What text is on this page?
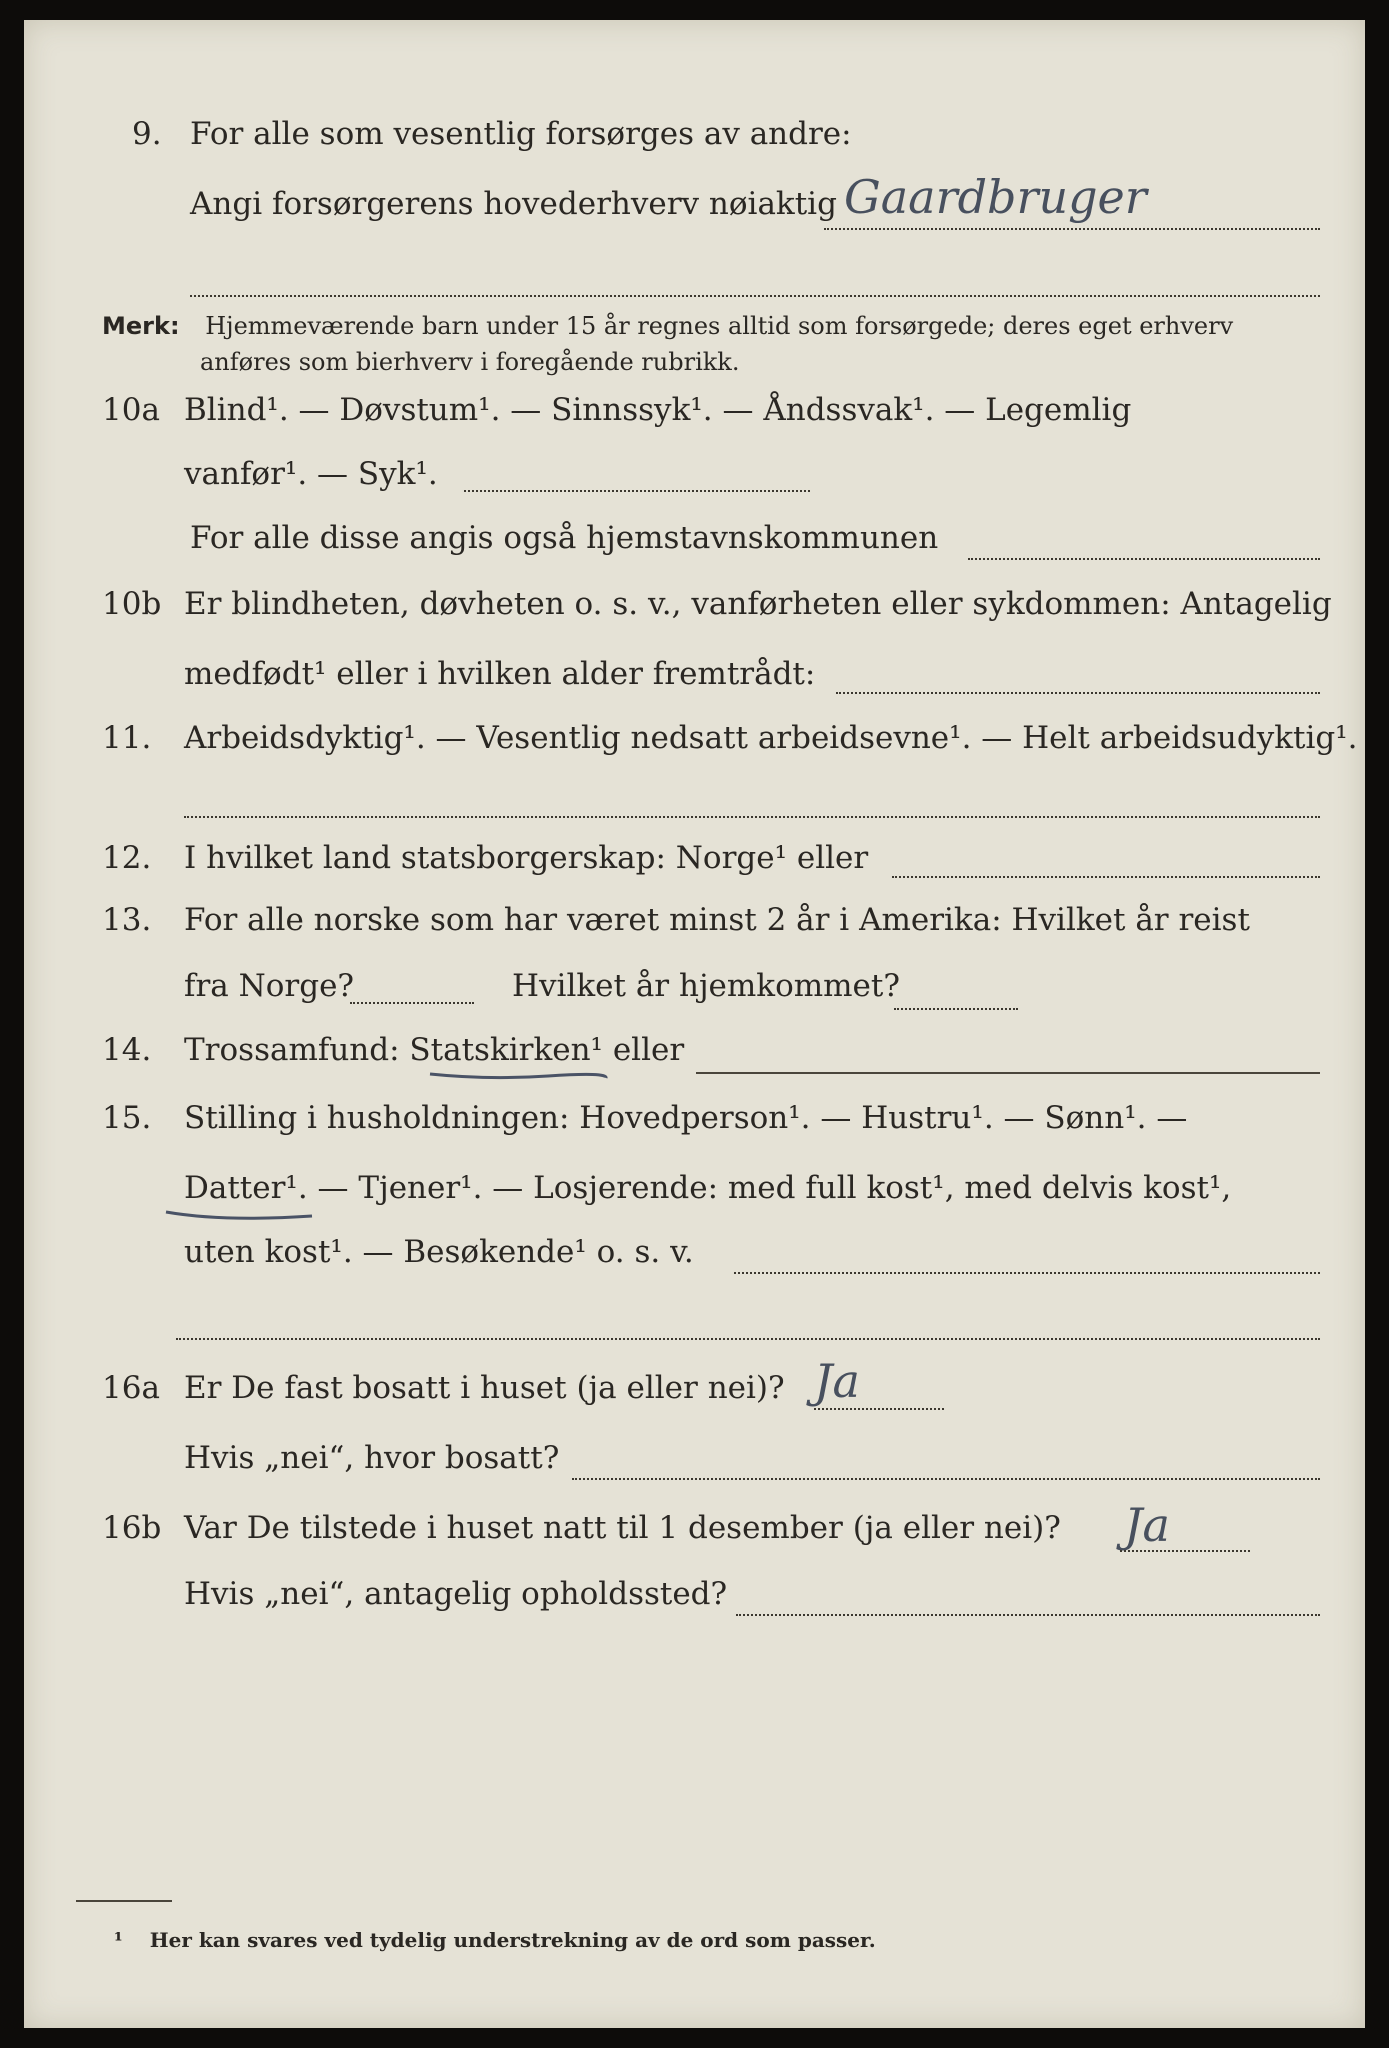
9. For alle som vesentlig forsørges av andre:
Angi forsørgerens hovederhverv nøiaktig Gaardbruger
Merk: Hjemmeværende barn under 15 år regnes alltid som forsørgede; deres eget erhverv
anføres som bierhverv i foregående rubrikk.
10a Blind¹. — Døvstum¹. — Sinnssyk¹. — Åndssvak¹. — Legemlig
vanfør¹. — Syk¹.
For alle disse angis også hjemstavnskommunen
10b Er blindheten, døvheten o. s. v., vanførheten eller sykdommen: Antagelig
medfødt¹ eller i hvilken alder fremtrådt:
11. Arbeidsdyktig¹. — Vesentlig nedsatt arbeidsevne¹. — Helt arbeidsudyktig¹.
12. I hvilket land statsborgerskap: Norge¹ eller
13. For alle norske som har været minst 2 år i Amerika: Hvilket år reist
fra Norge?	Hvilket år hjemkommet?
14. Trossamfund: Statskirken¹ eller
15. Stilling i husholdningen: Hovedperson¹. — Hustru¹. — Sønn¹. —
Datter¹. — Tjener¹. — Losjerende: med full kost¹, med delvis kost¹,
uten kost¹. — Besøkende¹ o. s. v.
16a Er De fast bosatt i huset (ja eller nei)? Ja
Hvis „nei“, hvor bosatt?
16b Var De tilstede i huset natt til 1 desember (ja eller nei)? Ja
Hvis „nei“, antagelig opholdssted?
¹ Her kan svares ved tydelig understrekning av de ord som passer.
